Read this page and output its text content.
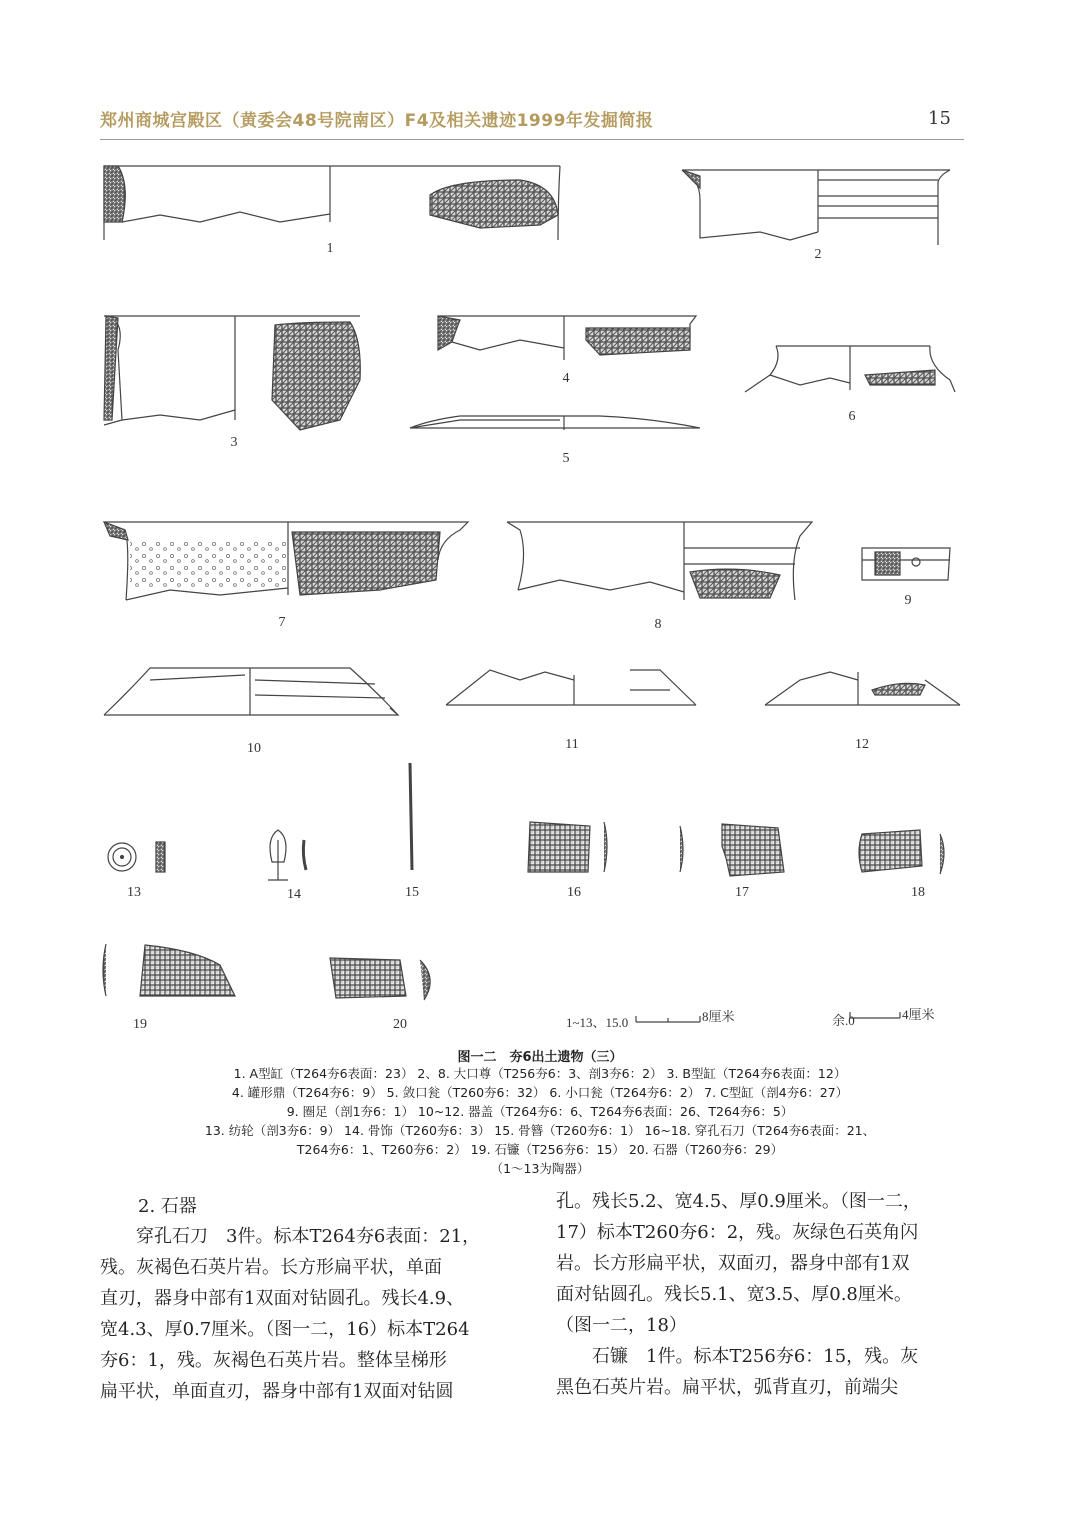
郑州商城宫殿区（黄委会48号院南区）F4及相关遗迹1999年发掘简报	15
1	2
3
4
5
6
7	8
9
10	11	12
13	14	15	16	17	18
19	20	1~13、15.0	8厘米	余.0	4厘米
图一二　夯6出土遗物（三）
1. A型缸（T264夯6表面：23） 2、8. 大口尊（T256夯6：3、剖3夯6：2） 3. B型缸（T264夯6表面：12）
4. 罐形鼎（T264夯6：9） 5. 敛口瓮（T260夯6：32） 6. 小口瓮（T264夯6：2） 7. C型缸（剖4夯6：27）
9. 圈足（剖1夯6：1） 10~12. 器盖（T264夯6：6、T264夯6表面：26、T264夯6：5）
13. 纺轮（剖3夯6：9） 14. 骨饰（T260夯6：3） 15. 骨簪（T260夯6：1） 16~18. 穿孔石刀（T264夯6表面：21、
T264夯6：1、T260夯6：2） 19. 石镰（T256夯6：15） 20. 石器（T260夯6：29）
（1～13为陶器）
2. 石器

　　穿孔石刀　3件。标本T264夯6表面：21，

残。灰褐色石英片岩。长方形扁平状，单面

直刃，器身中部有1双面对钻圆孔。残长4.9、

宽4.3、厚0.7厘米。（图一二，16）标本T264

夯6：1，残。灰褐色石英片岩。整体呈梯形

扁平状，单面直刃，器身中部有1双面对钻圆

孔。残长5.2、宽4.5、厚0.9厘米。（图一二，

17）标本T260夯6：2，残。灰绿色石英角闪

岩。长方形扁平状，双面刃，器身中部有1双

面对钻圆孔。残长5.1、宽3.5、厚0.8厘米。

（图一二，18）

　　石镰　1件。标本T256夯6：15，残。灰

黑色石英片岩。扁平状，弧背直刃，前端尖
